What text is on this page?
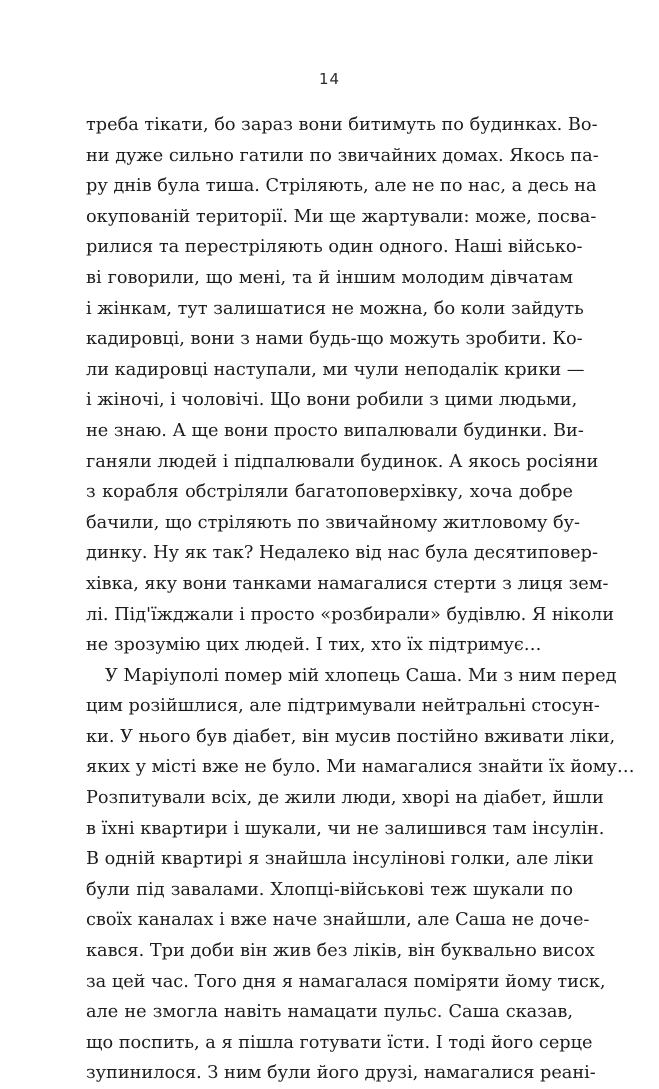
14
треба тікати, бо зараз вони битимуть по будинках. Во-
ни дуже сильно гатили по звичайних домах. Якось па-
ру днів була тиша. Стріляють, але не по нас, а десь на
окупованій території. Ми ще жартували: може, посва-
рилися та перестріляють один одного. Наші військо-
ві говорили, що мені, та й іншим молодим дівчатам
і жінкам, тут залишатися не можна, бо коли зайдуть
кадировці, вони з нами будь-що можуть зробити. Ко-
ли кадировці наступали, ми чули неподалік крики —
і жіночі, і чоловічі. Що вони робили з цими людьми,
не знаю. А ще вони просто випалювали будинки. Ви-
ганяли людей і підпалювали будинок. А якось росіяни
з корабля обстріляли багатоповерхівку, хоча добре
бачили, що стріляють по звичайному житловому бу-
динку. Ну як так? Недалеко від нас була десятиповер-
хівка, яку вони танками намагалися стерти з лиця зем-
лі. Під'їжджали і просто «розбирали» будівлю. Я ніколи
не зрозумію цих людей. І тих, хто їх підтримує…
У Маріуполі помер мій хлопець Саша. Ми з ним перед
цим розійшлися, але підтримували нейтральні стосун-
ки. У нього був діабет, він мусив постійно вживати ліки,
яких у місті вже не було. Ми намагалися знайти їх йому…
Розпитували всіх, де жили люди, хворі на діабет, йшли
в їхні квартири і шукали, чи не залишився там інсулін.
В одній квартирі я знайшла інсулінові голки, але ліки
були під завалами. Хлопці-військові теж шукали по
своїх каналах і вже наче знайшли, але Саша не доче-
кався. Три доби він жив без ліків, він буквально висох
за цей час. Того дня я намагалася поміряти йому тиск,
але не змогла навіть намацати пульс. Саша сказав,
що поспить, а я пішла готувати їсти. І тоді його серце
зупинилося. З ним були його друзі, намагалися реані-
